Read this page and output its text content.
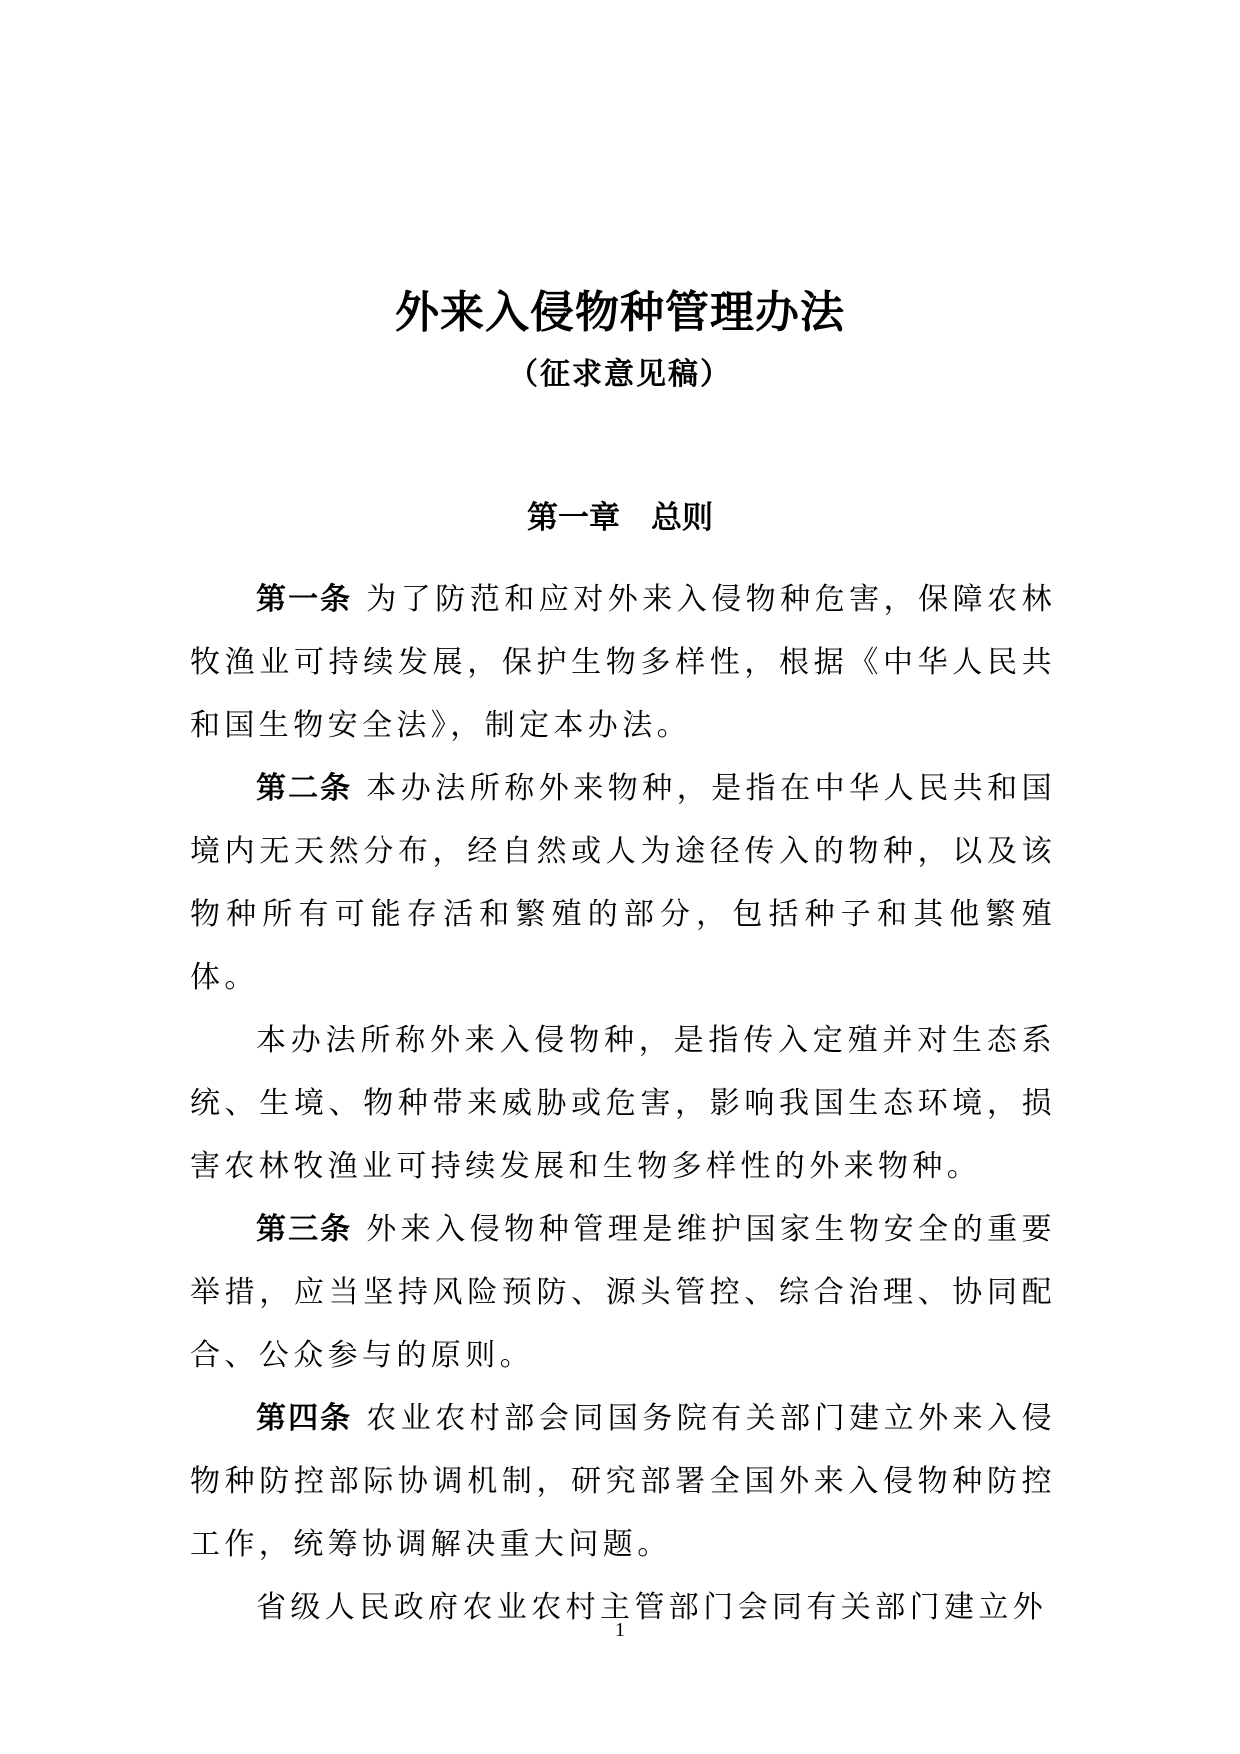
外来入侵物种管理办法
（征求意见稿）
第一章　总则

第一条 为了防范和应对外来入侵物种危害，保障农林牧渔业可持续发展，保护生物多样性，根据《中华人民共和国生物安全法》，制定本办法。

第二条 本办法所称外来物种，是指在中华人民共和国境内无天然分布，经自然或人为途径传入的物种，以及该物种所有可能存活和繁殖的部分，包括种子和其他繁殖体。

本办法所称外来入侵物种，是指传入定殖并对生态系统、生境、物种带来威胁或危害，影响我国生态环境，损害农林牧渔业可持续发展和生物多样性的外来物种。

第三条 外来入侵物种管理是维护国家生物安全的重要举措，应当坚持风险预防、源头管控、综合治理、协同配合、公众参与的原则。

第四条 农业农村部会同国务院有关部门建立外来入侵物种防控部际协调机制，研究部署全国外来入侵物种防控工作，统筹协调解决重大问题。

省级人民政府农业农村主管部门会同有关部门建立外

1
